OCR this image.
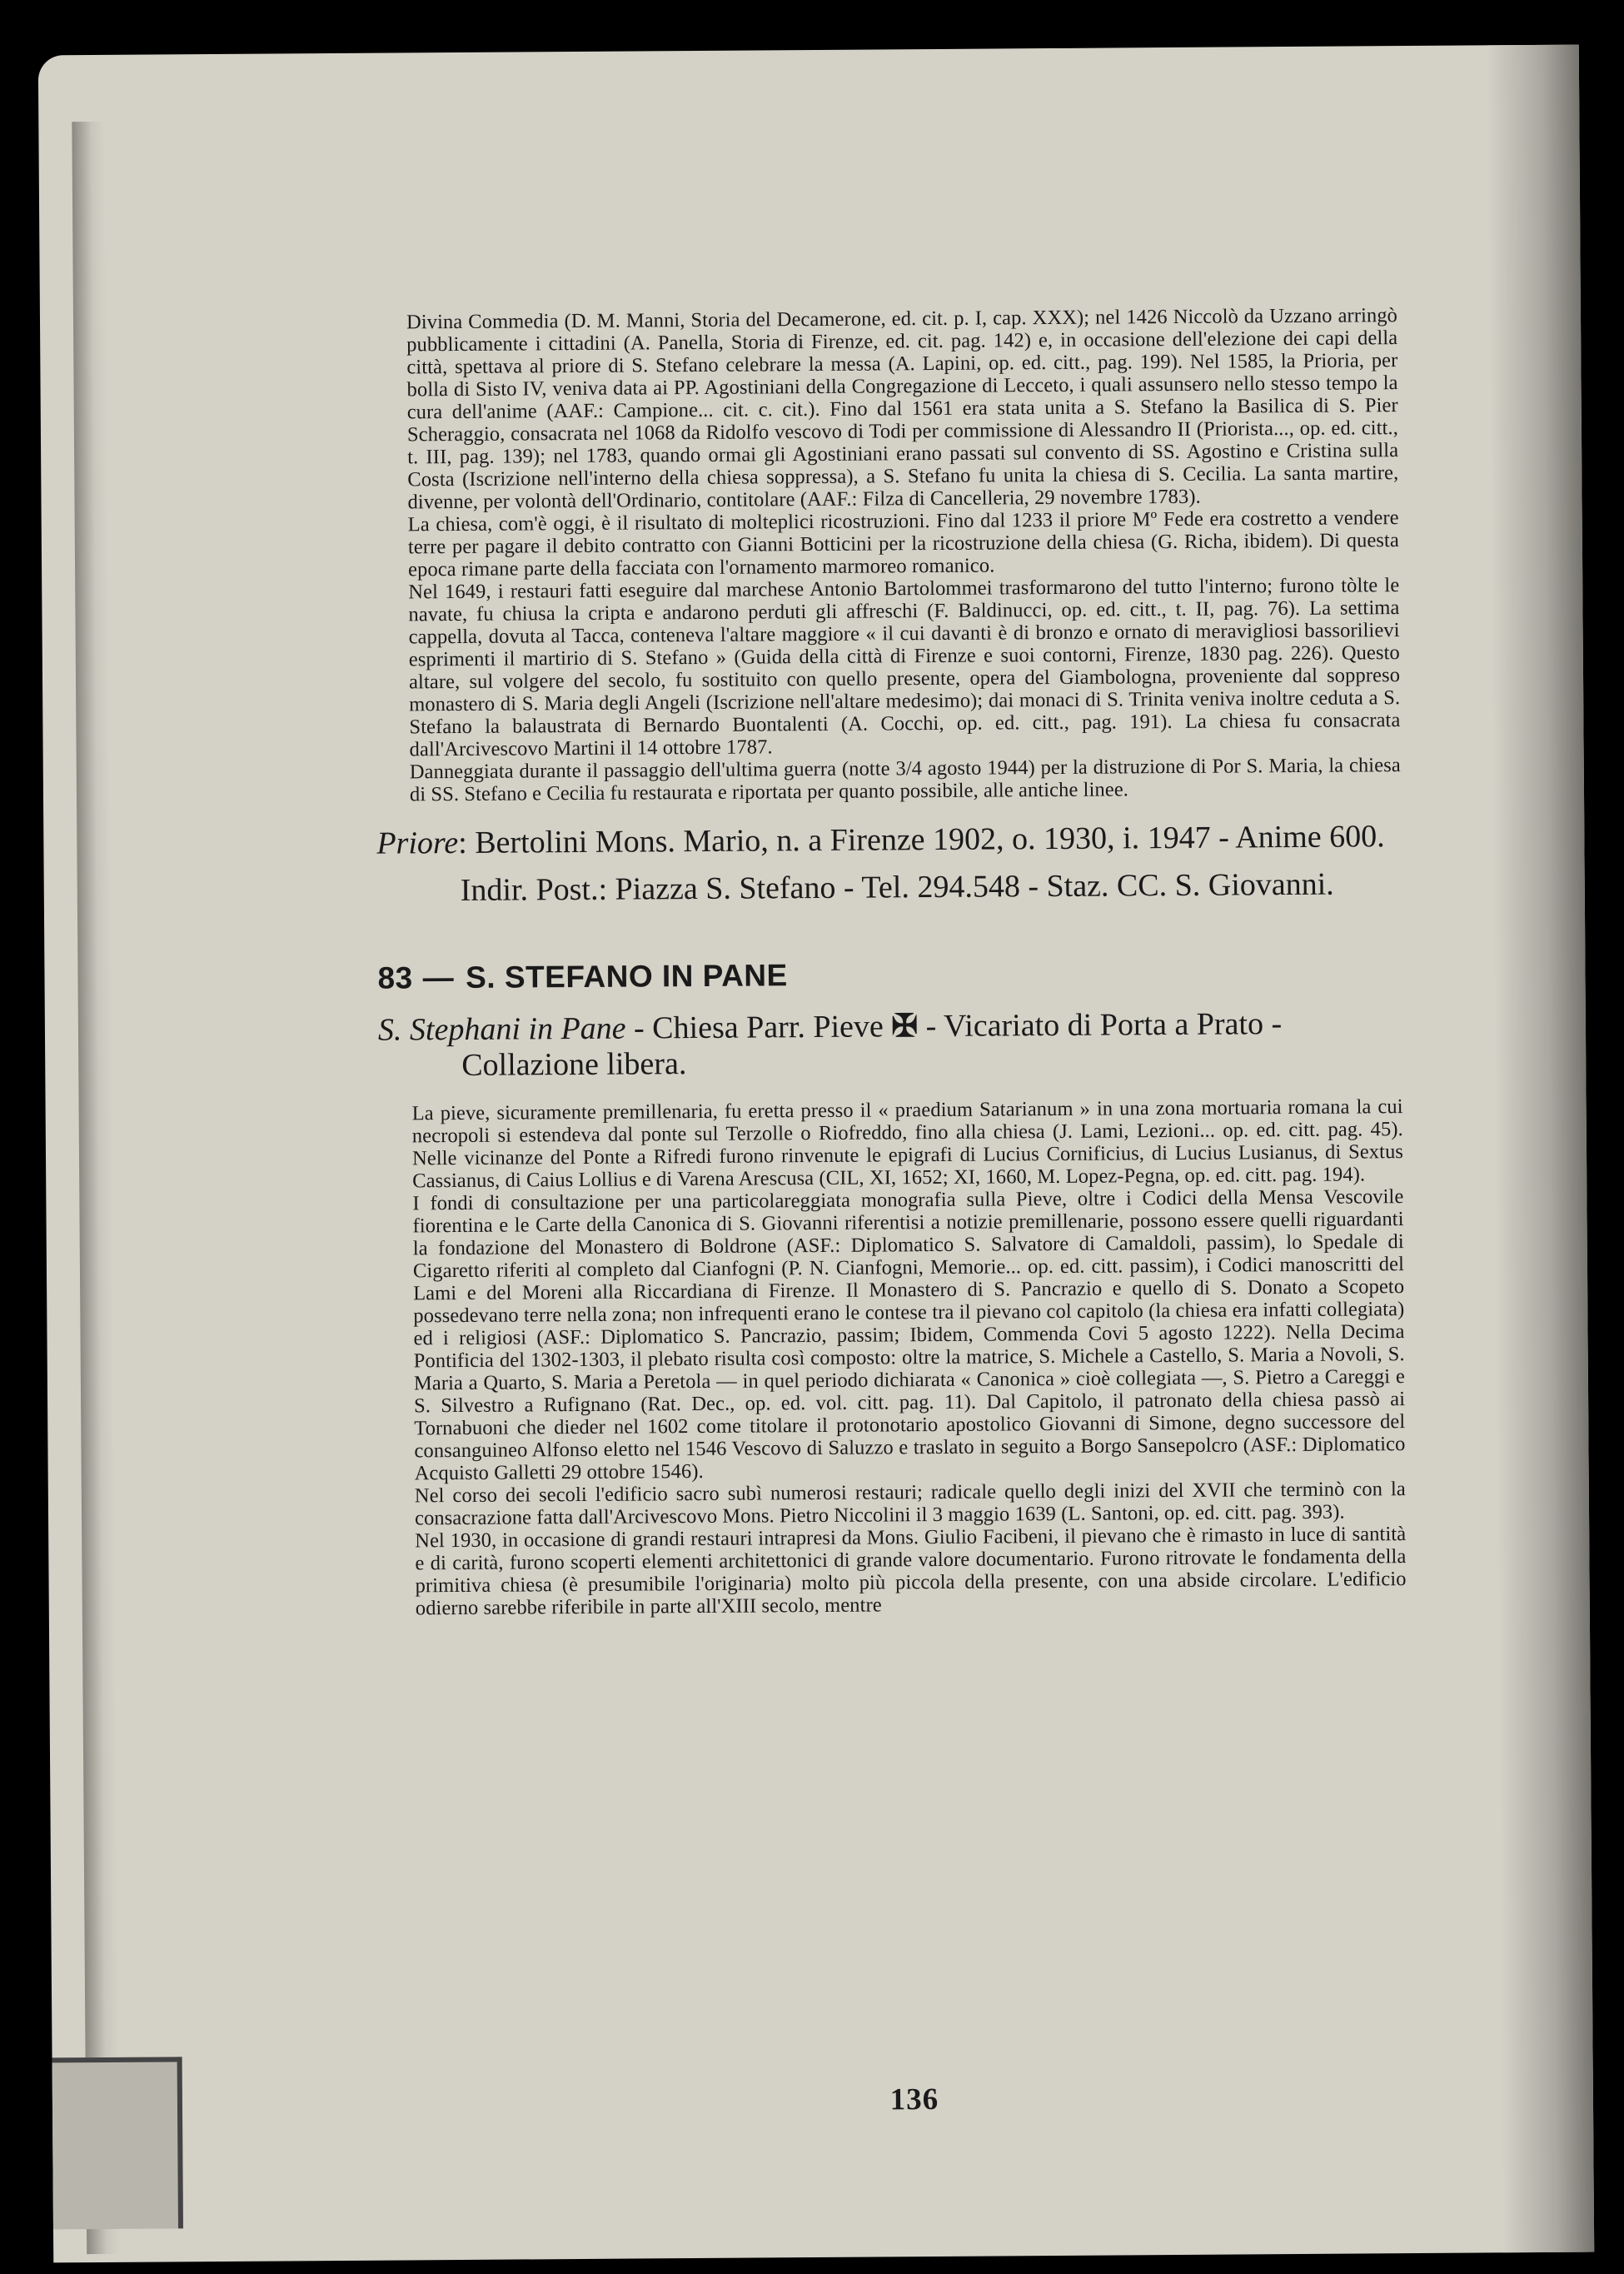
Divina Commedia (D. M. Manni, Storia del Decamerone, ed. cit. p. I, cap. XXX); nel 1426 Niccolò da Uzzano arringò pubblicamente i cittadini (A. Panella, Storia di Firenze, ed. cit. pag. 142) e, in occasione dell'elezione dei capi della città, spettava al priore di S. Stefano celebrare la messa (A. Lapini, op. ed. citt., pag. 199). Nel 1585, la Prioria, per bolla di Sisto IV, veniva data ai PP. Agostiniani della Congregazione di Lecceto, i quali assunsero nello stesso tempo la cura dell'anime (AAF.: Campione... cit. c. cit.). Fino dal 1561 era stata unita a S. Stefano la Basilica di S. Pier Scheraggio, consacrata nel 1068 da Ridolfo vescovo di Todi per commissione di Alessandro II (Priorista..., op. ed. citt., t. III, pag. 139); nel 1783, quando ormai gli Agostiniani erano passati sul convento di SS. Agostino e Cristina sulla Costa (Iscrizione nell'interno della chiesa soppressa), a S. Stefano fu unita la chiesa di S. Cecilia. La santa martire, divenne, per volontà dell'Ordinario, contitolare (AAF.: Filza di Cancelleria, 29 novembre 1783).

La chiesa, com'è oggi, è il risultato di molteplici ricostruzioni. Fino dal 1233 il priore Mº Fede era costretto a vendere terre per pagare il debito contratto con Gianni Botticini per la ricostruzione della chiesa (G. Richa, ibidem). Di questa epoca rimane parte della facciata con l'ornamento marmoreo romanico.

Nel 1649, i restauri fatti eseguire dal marchese Antonio Bartolommei trasformarono del tutto l'interno; furono tòlte le navate, fu chiusa la cripta e andarono perduti gli affreschi (F. Baldinucci, op. ed. citt., t. II, pag. 76). La settima cappella, dovuta al Tacca, conteneva l'altare maggiore « il cui davanti è di bronzo e ornato di meravigliosi bassorilievi esprimenti il martirio di S. Stefano » (Guida della città di Firenze e suoi contorni, Firenze, 1830 pag. 226). Questo altare, sul volgere del secolo, fu sostituito con quello presente, opera del Giambologna, proveniente dal soppreso monastero di S. Maria degli Angeli (Iscrizione nell'altare medesimo); dai monaci di S. Trinita veniva inoltre ceduta a S. Stefano la balaustrata di Bernardo Buontalenti (A. Cocchi, op. ed. citt., pag. 191). La chiesa fu consacrata dall'Arcivescovo Martini il 14 ottobre 1787.

Danneggiata durante il passaggio dell'ultima guerra (notte 3/4 agosto 1944) per la distruzione di Por S. Maria, la chiesa di SS. Stefano e Cecilia fu restaurata e riportata per quanto possibile, alle antiche linee.

Priore: Bertolini Mons. Mario, n. a Firenze 1902, o. 1930, i. 1947 - Anime 600.

Indir. Post.: Piazza S. Stefano - Tel. 294.548 - Staz. CC. S. Giovanni.

83 — S. STEFANO IN PANE

S. Stephani in Pane - Chiesa Parr. Pieve ✠ - Vicariato di Porta a Prato - Collazione libera.

La pieve, sicuramente premillenaria, fu eretta presso il « praedium Satarianum » in una zona mortuaria romana la cui necropoli si estendeva dal ponte sul Terzolle o Riofreddo, fino alla chiesa (J. Lami, Lezioni... op. ed. citt. pag. 45). Nelle vicinanze del Ponte a Rifredi furono rinvenute le epigrafi di Lucius Cornificius, di Lucius Lusianus, di Sextus Cassianus, di Caius Lollius e di Varena Arescusa (CIL, XI, 1652; XI, 1660, M. Lopez-Pegna, op. ed. citt. pag. 194).

I fondi di consultazione per una particolareggiata monografia sulla Pieve, oltre i Codici della Mensa Vescovile fiorentina e le Carte della Canonica di S. Giovanni riferentisi a notizie premillenarie, possono essere quelli riguardanti la fondazione del Monastero di Boldrone (ASF.: Diplomatico S. Salvatore di Camaldoli, passim), lo Spedale di Cigaretto riferiti al completo dal Cianfogni (P. N. Cianfogni, Memorie... op. ed. citt. passim), i Codici manoscritti del Lami e del Moreni alla Riccardiana di Firenze. Il Monastero di S. Pancrazio e quello di S. Donato a Scopeto possedevano terre nella zona; non infrequenti erano le contese tra il pievano col capitolo (la chiesa era infatti collegiata) ed i religiosi (ASF.: Diplomatico S. Pancrazio, passim; Ibidem, Commenda Covi 5 agosto 1222). Nella Decima Pontificia del 1302-1303, il plebato risulta così composto: oltre la matrice, S. Michele a Castello, S. Maria a Novoli, S. Maria a Quarto, S. Maria a Peretola — in quel periodo dichiarata « Canonica » cioè collegiata —, S. Pietro a Careggi e S. Silvestro a Rufignano (Rat. Dec., op. ed. vol. citt. pag. 11). Dal Capitolo, il patronato della chiesa passò ai Tornabuoni che dieder nel 1602 come titolare il protonotario apostolico Giovanni di Simone, degno successore del consanguineo Alfonso eletto nel 1546 Vescovo di Saluzzo e traslato in seguito a Borgo Sansepolcro (ASF.: Diplomatico Acquisto Galletti 29 ottobre 1546).

Nel corso dei secoli l'edificio sacro subì numerosi restauri; radicale quello degli inizi del XVII che terminò con la consacrazione fatta dall'Arcivescovo Mons. Pietro Niccolini il 3 maggio 1639 (L. Santoni, op. ed. citt. pag. 393).

Nel 1930, in occasione di grandi restauri intrapresi da Mons. Giulio Facibeni, il pievano che è rimasto in luce di santità e di carità, furono scoperti elementi architettonici di grande valore documentario. Furono ritrovate le fondamenta della primitiva chiesa (è presumibile l'originaria) molto più piccola della presente, con una abside circolare. L'edificio odierno sarebbe riferibile in parte all'XIII secolo, mentre

136
